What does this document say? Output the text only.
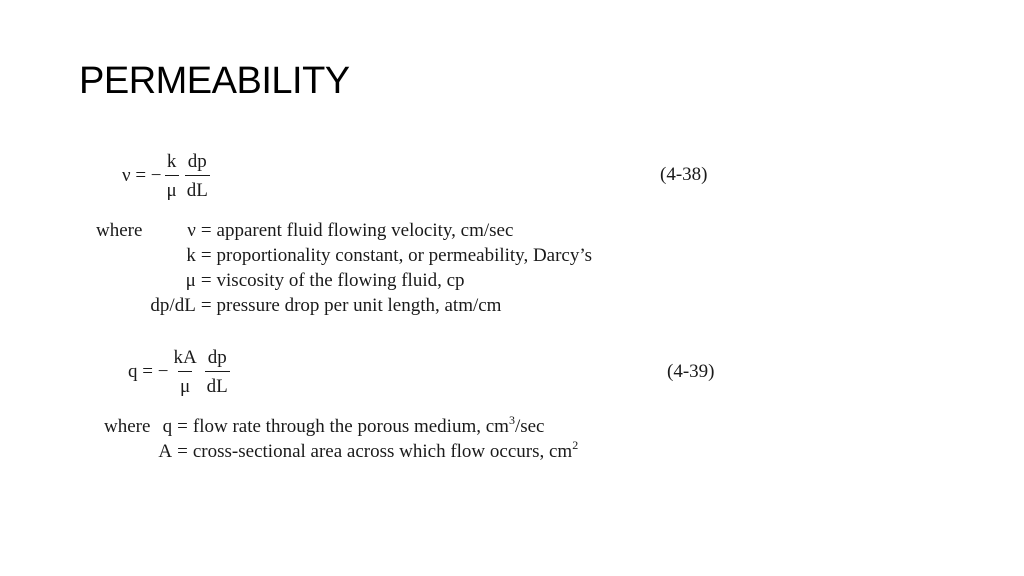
PERMEABILITY
ν = − $\frac{k}{\mu} \frac{dp}{dL}$	(4-38)
where	ν	=	apparent fluid flowing velocity, cm/sec
	k	=	proportionality constant, or permeability, Darcy’s
	μ	=	viscosity of the flowing fluid, cp
	dp/dL	=	pressure drop per unit length, atm/cm
q = − $\frac{kA}{\mu} \frac{dp}{dL}$	(4-39)
where	q	=	flow rate through the porous medium, $cm^3/\sec$
	A	=	cross-sectional area across which flow occurs, $cm^2$
